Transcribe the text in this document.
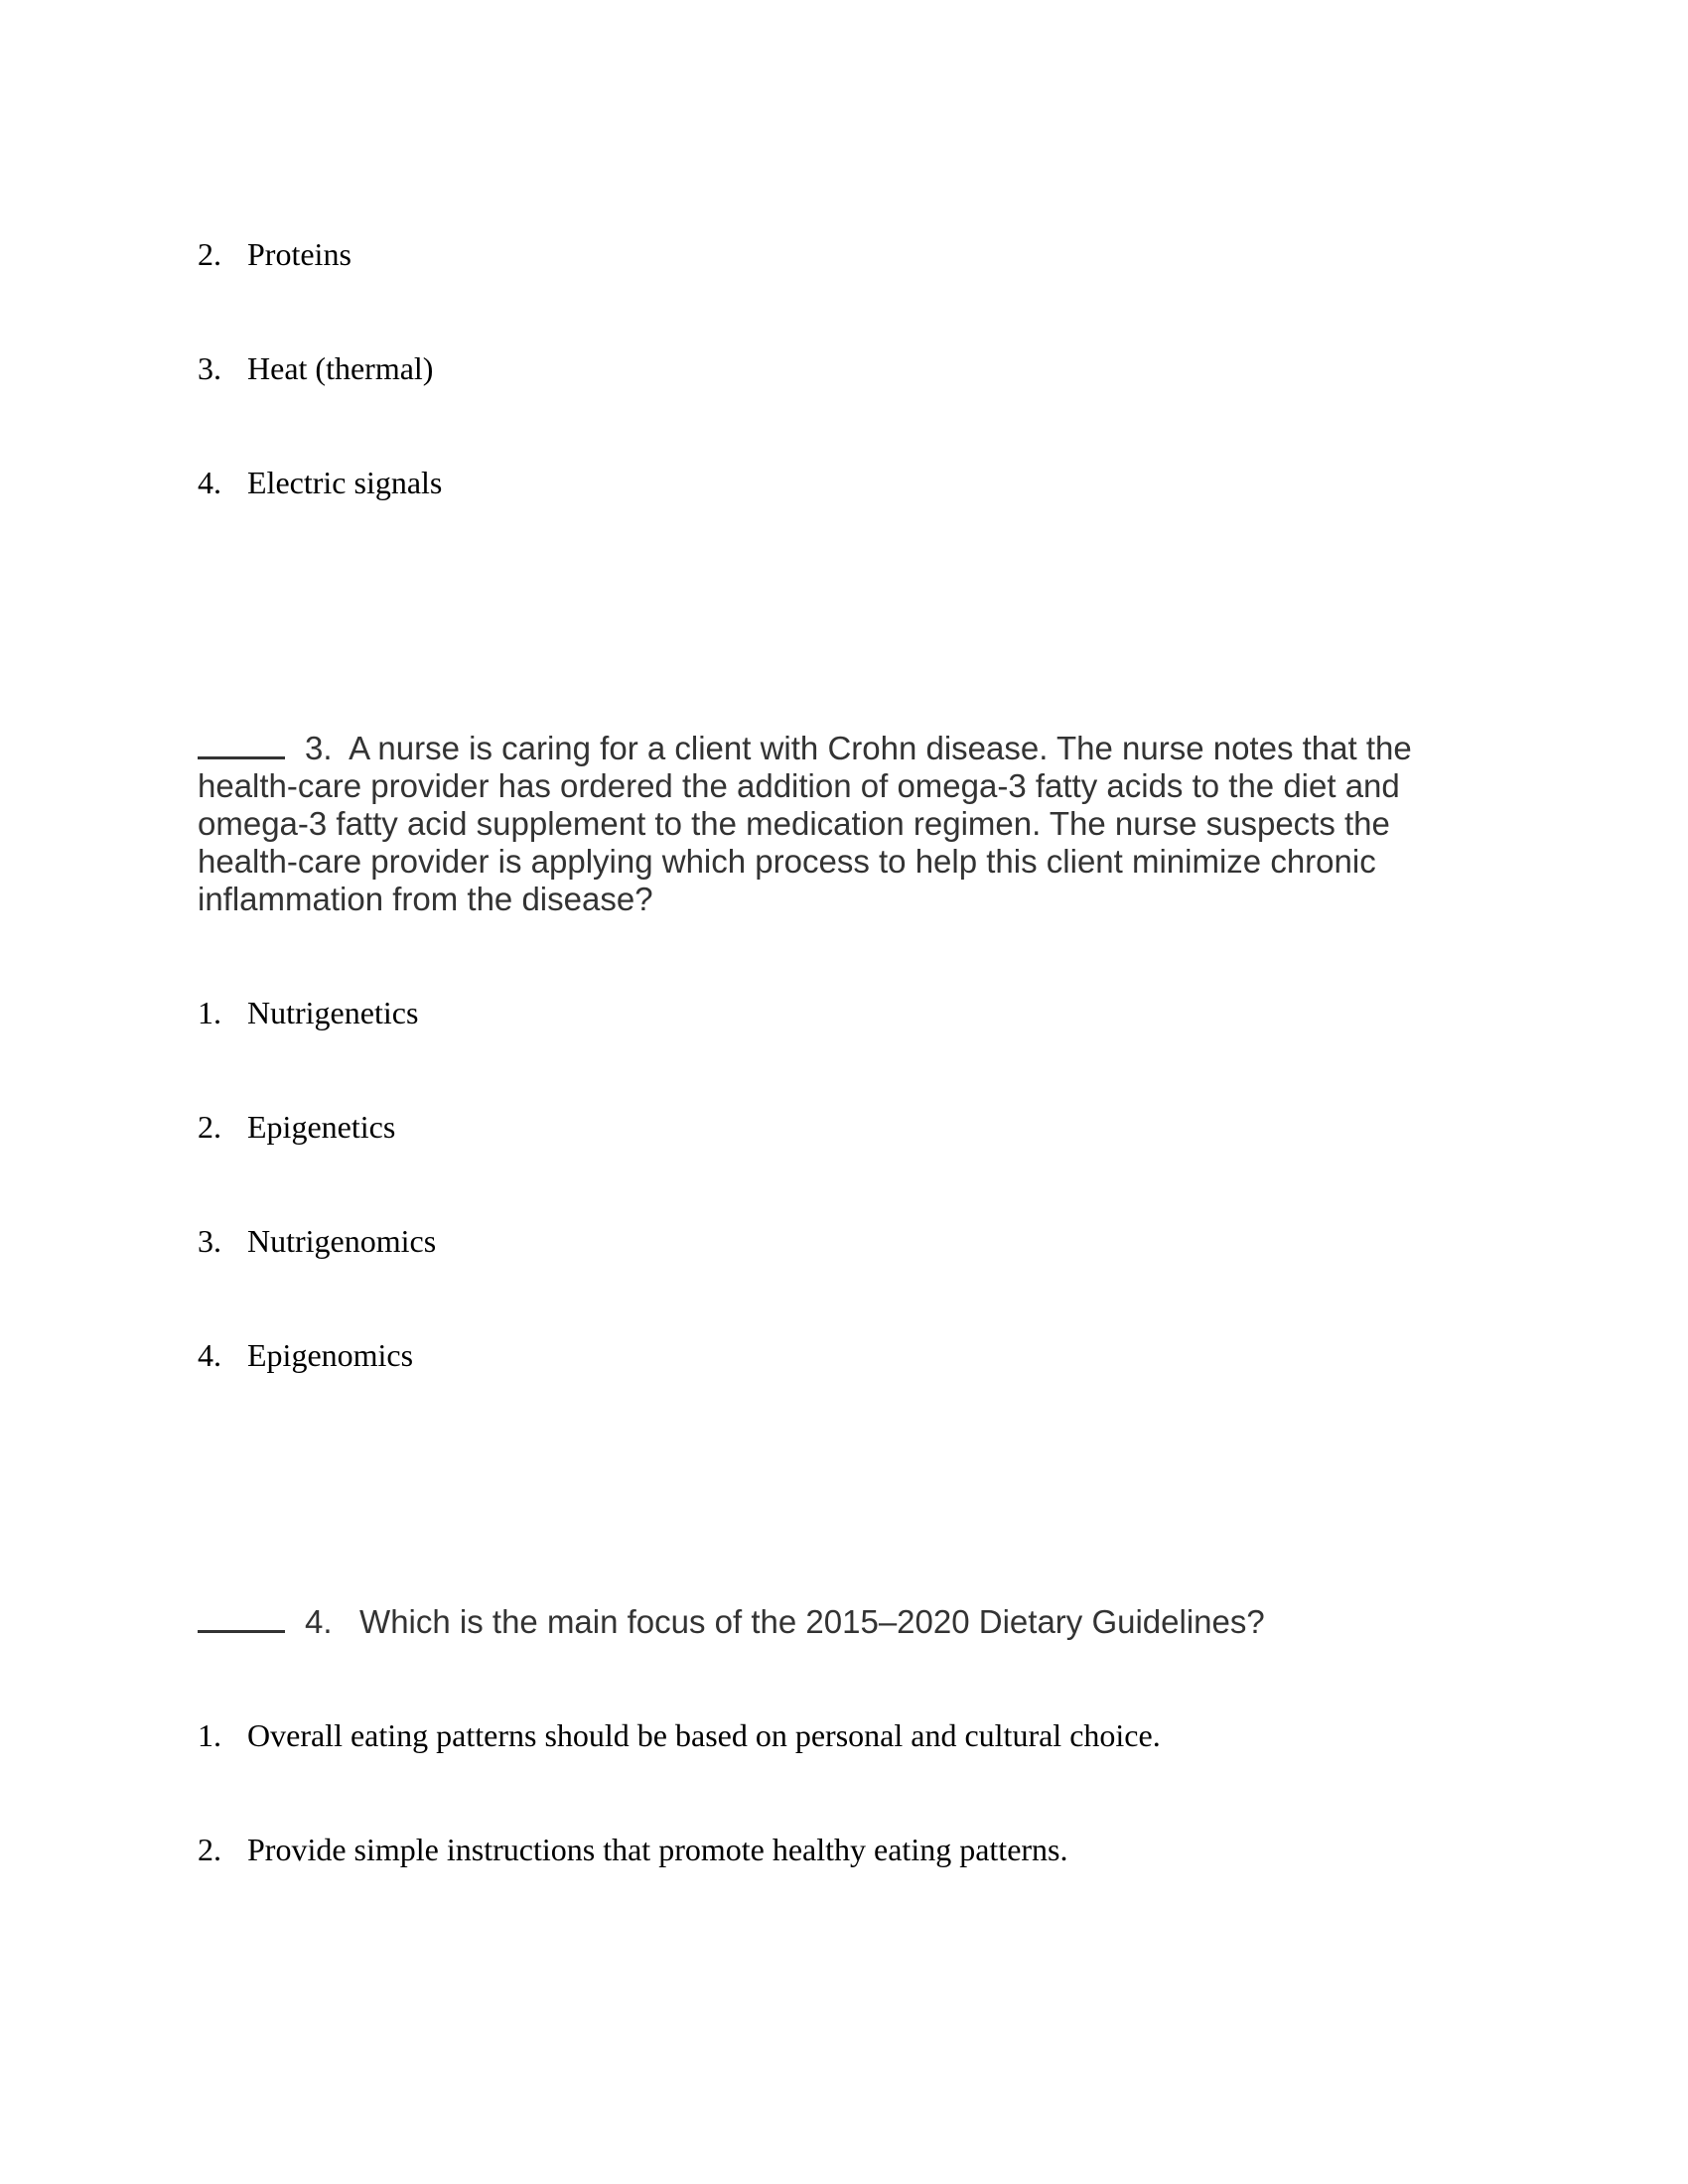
2. Proteins
3. Heat (thermal)
4. Electric signals
3. A nurse is caring for a client with Crohn disease. The nurse notes that the health-care provider has ordered the addition of omega-3 fatty acids to the diet and omega-3 fatty acid supplement to the medication regimen. The nurse suspects the health-care provider is applying which process to help this client minimize chronic inflammation from the disease?
1. Nutrigenetics
2. Epigenetics
3. Nutrigenomics
4. Epigenomics
4. Which is the main focus of the 2015–2020 Dietary Guidelines?
1. Overall eating patterns should be based on personal and cultural choice.
2. Provide simple instructions that promote healthy eating patterns.
